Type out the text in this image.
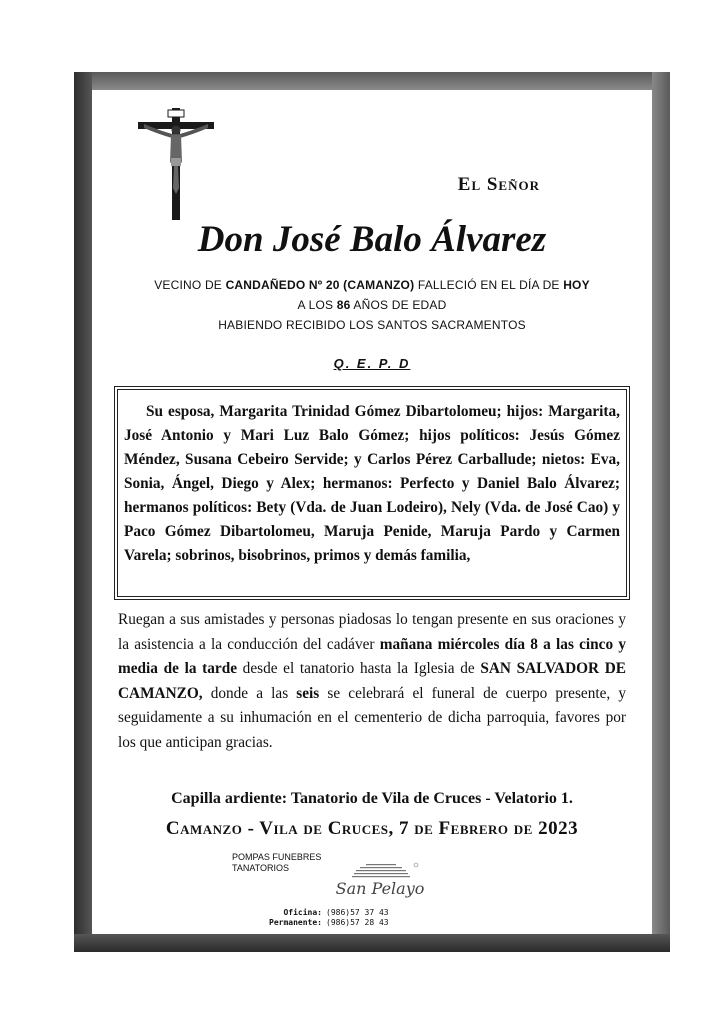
El Señor
Don José Balo Álvarez
VECINO DE CANDAÑEDO Nº 20 (CAMANZO) FALLECIÓ EN EL DÍA DE HOY
A LOS 86 AÑOS DE EDAD
HABIENDO RECIBIDO LOS SANTOS SACRAMENTOS
Q. E. P. D

Su esposa, Margarita Trinidad Gómez Dibartolomeu; hijos: Margarita, José Antonio y Mari Luz Balo Gómez; hijos políticos: Jesús Gómez Méndez, Susana Cebeiro Servide; y Carlos Pérez Carballude; nietos: Eva, Sonia, Ángel, Diego y Alex; hermanos: Perfecto y Daniel Balo Álvarez; hermanos políticos: Bety (Vda. de Juan Lodeiro), Nely (Vda. de José Cao) y Paco Gómez Dibartolomeu, Maruja Penide, Maruja Pardo y Carmen Varela; sobrinos, bisobrinos, primos y demás familia,

Ruegan a sus amistades y personas piadosas lo tengan presente en sus oraciones y la asistencia a la conducción del cadáver mañana miércoles día 8 a las cinco y media de la tarde desde el tanatorio hasta la Iglesia de SAN SALVADOR DE CAMANZO, donde a las seis se celebrará el funeral de cuerpo presente, y seguidamente a su inhumación en el cementerio de dicha parroquia, favores por los que anticipan gracias.

Capilla ardiente: Tanatorio de Vila de Cruces - Velatorio 1.
Camanzo - Vila de Cruces, 7 de Febrero de 2023
POMPAS FUNEBRES
TANATORIOS
San Pelayo
Oficina: (986)57 37 43
Permanente: (986)57 28 43
